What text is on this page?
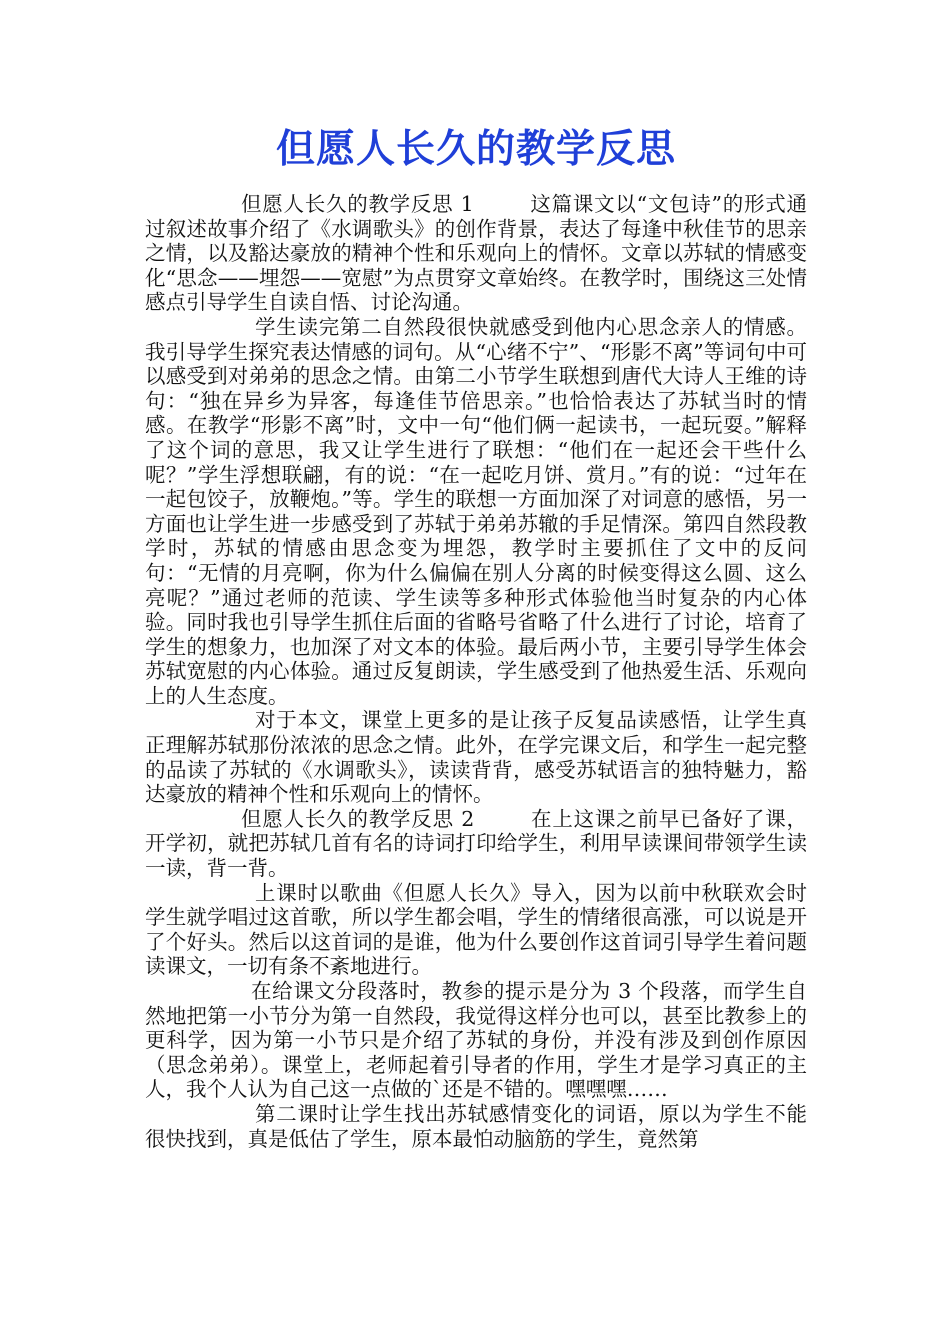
但愿人长久的教学反思

但愿人长久的教学反思 1	这篇课文以“文包诗”的形式通过叙述故事介绍了《水调歌头》的创作背景，表达了每逢中秋佳节的思亲之情，以及豁达豪放的精神个性和乐观向上的情怀。文章以苏轼的情感变化“思念——埋怨——宽慰”为点贯穿文章始终。在教学时，围绕这三处情感点引导学生自读自悟、讨论沟通。

学生读完第二自然段很快就感受到他内心思念亲人的情感。我引导学生探究表达情感的词句。从“心绪不宁”、“形影不离”等词句中可以感受到对弟弟的思念之情。由第二小节学生联想到唐代大诗人王维的诗句：“独在异乡为异客，每逢佳节倍思亲。”也恰恰表达了苏轼当时的情感。在教学“形影不离”时，文中一句“他们俩一起读书，一起玩耍。”解释了这个词的意思，我又让学生进行了联想：“他们在一起还会干些什么呢？”学生浮想联翩，有的说：“在一起吃月饼、赏月。”有的说：“过年在一起包饺子，放鞭炮。”等。学生的联想一方面加深了对词意的感悟，另一方面也让学生进一步感受到了苏轼于弟弟苏辙的手足情深。第四自然段教学时，苏轼的情感由思念变为埋怨，教学时主要抓住了文中的反问句：“无情的月亮啊，你为什么偏偏在别人分离的时候变得这么圆、这么亮呢？”通过老师的范读、学生读等多种形式体验他当时复杂的内心体验。同时我也引导学生抓住后面的省略号省略了什么进行了讨论，培育了学生的想象力，也加深了对文本的体验。最后两小节，主要引导学生体会苏轼宽慰的内心体验。通过反复朗读，学生感受到了他热爱生活、乐观向上的人生态度。

对于本文，课堂上更多的是让孩子反复品读感悟，让学生真正理解苏轼那份浓浓的思念之情。此外，在学完课文后，和学生一起完整的品读了苏轼的《水调歌头》，读读背背，感受苏轼语言的独特魅力，豁达豪放的精神个性和乐观向上的情怀。

但愿人长久的教学反思 2	在上这课之前早已备好了课，开学初，就把苏轼几首有名的诗词打印给学生，利用早读课间带领学生读一读，背一背。

上课时以歌曲《但愿人长久》导入，因为以前中秋联欢会时学生就学唱过这首歌，所以学生都会唱，学生的情绪很高涨，可以说是开了个好头。然后以这首词的是谁，他为什么要创作这首词引导学生着问题读课文，一切有条不紊地进行。

在给课文分段落时，教参的提示是分为 3 个段落，而学生自然地把第一小节分为第一自然段，我觉得这样分也可以，甚至比教参上的更科学，因为第一小节只是介绍了苏轼的身份，并没有涉及到创作原因（思念弟弟）。课堂上，老师起着引导者的作用，学生才是学习真正的主人，我个人认为自己这一点做的`还是不错的。嘿嘿嘿……

第二课时让学生找出苏轼感情变化的词语，原以为学生不能很快找到，真是低估了学生，原本最怕动脑筋的学生，竟然第
